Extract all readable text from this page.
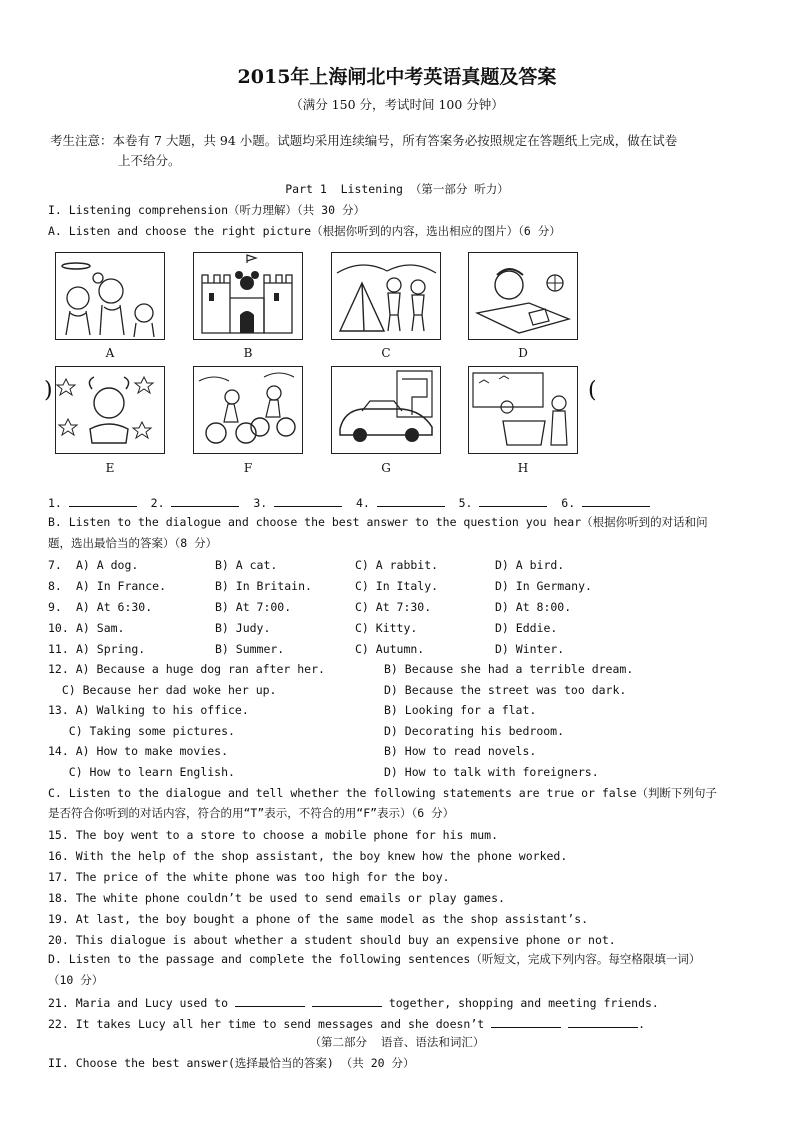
2015年上海闸北中考英语真题及答案
（满分 150 分，考试时间 100 分钟）
考生注意：本卷有 7 大题，共 94 小题。试题均采用连续编号，所有答案务必按照规定在答题纸上完成，做在试卷
上不给分。
Part 1  Listening （第一部分 听力）
I. Listening comprehension（听力理解）（共 30 分）
A. Listen and choose the right picture（根据你听到的内容，选出相应的图片）（6 分）
A	B	C	D
)	(
E	F	G	H
1.	2.	3.	4.	5.	6.
B. Listen to the dialogue and choose the best answer to the question you hear（根据你听到的对话和问
题，选出最恰当的答案）（8 分）
7. A) A dog.	B) A cat.	C) A rabbit.	D) A bird.
8. A) In France.	B) In Britain.	C) In Italy.	D) In Germany.
9. A) At 6:30.	B) At 7:00.	C) At 7:30.	D) At 8:00.
10. A) Sam.	B) Judy.	C) Kitty.	D) Eddie.
11. A) Spring.	B) Summer.	C) Autumn.	D) Winter.
12. A) Because a huge dog ran after her.	B) Because she had a terrible dream.
C) Because her dad woke her up.	D) Because the street was too dark.
13. A) Walking to his office.	B) Looking for a flat.
C) Taking some pictures.	D) Decorating his bedroom.
14. A) How to make movies.	B) How to read novels.
C) How to learn English.	D) How to talk with foreigners.
C. Listen to the dialogue and tell whether the following statements are true or false（判断下列句子
是否符合你听到的对话内容，符合的用“T”表示，不符合的用“F”表示）（6 分）
15. The boy went to a store to choose a mobile phone for his mum.
16. With the help of the shop assistant, the boy knew how the phone worked.
17. The price of the white phone was too high for the boy.
18. The white phone couldn’t be used to send emails or play games.
19. At last, the boy bought a phone of the same model as the shop assistant’s.
20. This dialogue is about whether a student should buy an expensive phone or not.
D. Listen to the passage and complete the following sentences（听短文，完成下列内容。每空格限填一词）
（10 分）
21. Maria and Lucy used to	together, shopping and meeting friends.
22. It takes Lucy all her time to send messages and she doesn’t	.
（第二部分  语音、语法和词汇）
II. Choose the best answer(选择最恰当的答案) （共 20 分）
